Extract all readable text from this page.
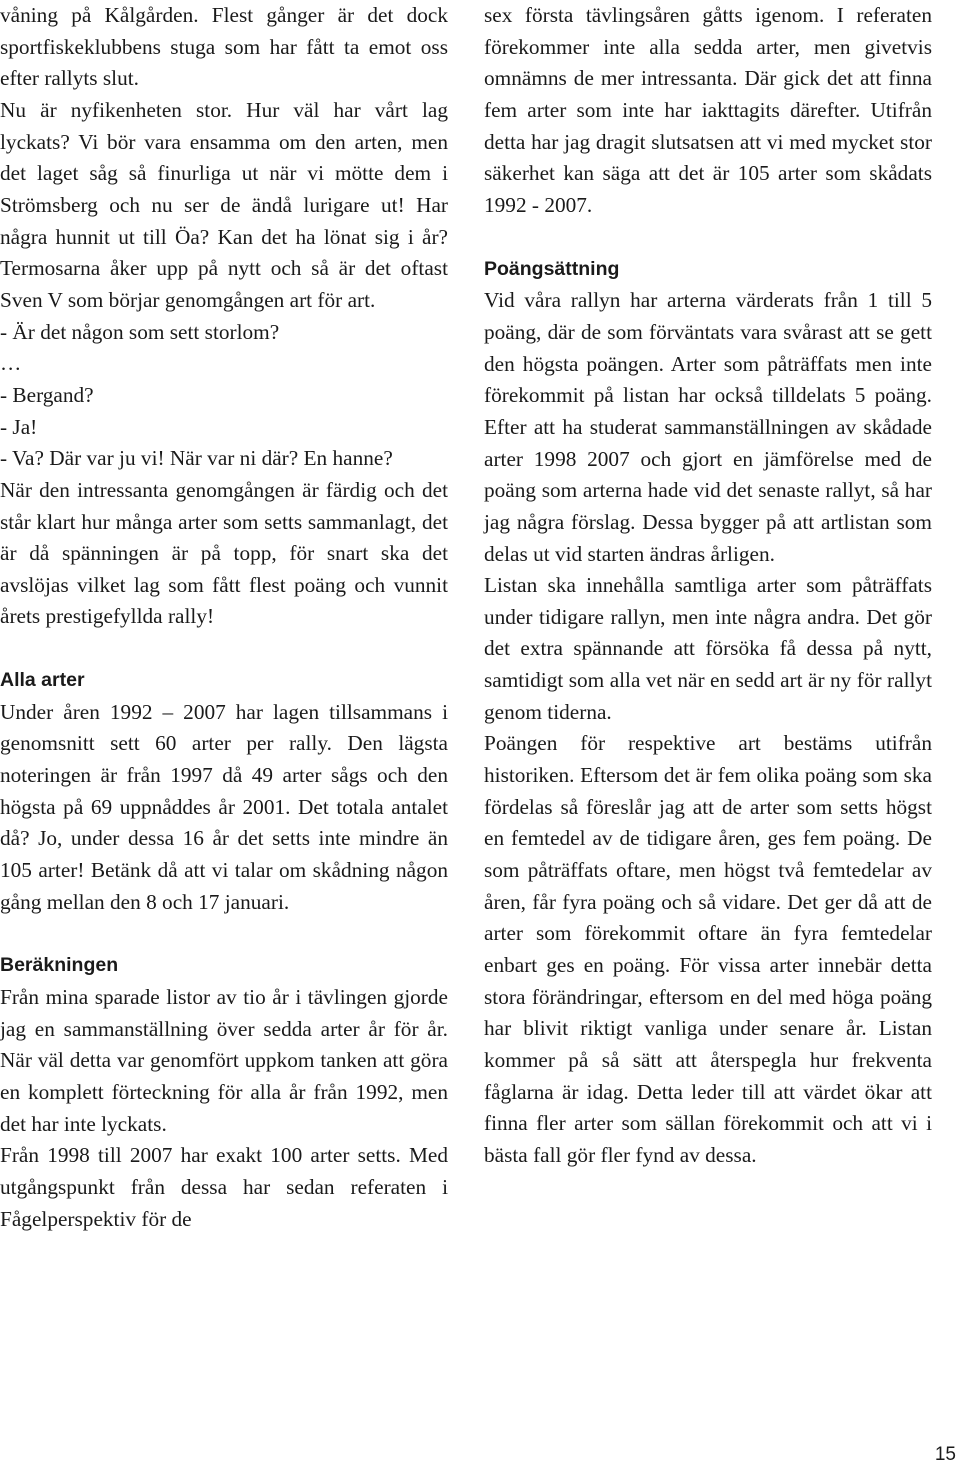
våning på Kålgården. Flest gånger är det dock sportfiskeklubbens stuga som har fått ta emot oss efter rallyts slut.

Nu är nyfikenheten stor. Hur väl har vårt lag lyckats? Vi bör vara ensamma om den arten, men det laget såg så finurliga ut när vi mötte dem i Strömsberg och nu ser de ändå lurigare ut! Har några hunnit ut till Öa? Kan det ha lönat sig i år? Termosarna åker upp på nytt och så är det oftast Sven V som börjar genomgången art för art.

- Är det någon som sett storlom?

…

- Bergand?

- Ja!

- Va? Där var ju vi! När var ni där? En hanne?

När den intressanta genomgången är färdig och det står klart hur många arter som setts sammanlagt, det är då spänningen är på topp, för snart ska det avslöjas vilket lag som fått flest poäng och vunnit årets prestigefyllda rally!

Alla arter

Under åren 1992 – 2007 har lagen tillsammans i genomsnitt sett 60 arter per rally. Den lägsta noteringen är från 1997 då 49 arter sågs och den högsta på 69 uppnåddes år 2001. Det totala antalet då? Jo, under dessa 16 år det setts inte mindre än 105 arter! Betänk då att vi talar om skådning någon gång mellan den 8 och 17 januari.

Beräkningen

Från mina sparade listor av tio år i tävlingen gjorde jag en sammanställning över sedda arter år för år. När väl detta var genomfört uppkom tanken att göra en komplett förteckning för alla år från 1992, men det har inte lyckats.

Från 1998 till 2007 har exakt 100 arter setts. Med utgångspunkt från dessa har sedan referaten i Fågelperspektiv för de

sex första tävlingsåren gåtts igenom. I referaten förekommer inte alla sedda arter, men givetvis omnämns de mer intressanta. Där gick det att finna fem arter som inte har iakttagits därefter. Utifrån detta har jag dragit slutsatsen att vi med mycket stor säkerhet kan säga att det är 105 arter som skådats 1992 - 2007.

Poängsättning

Vid våra rallyn har arterna värderats från 1 till 5 poäng, där de som förväntats vara svårast att se gett den högsta poängen. Arter som påträffats men inte förekommit på listan har också tilldelats 5 poäng. Efter att ha studerat sammanställningen av skådade arter 1998 2007 och gjort en jämförelse med de poäng som arterna hade vid det senaste rallyt, så har jag några förslag. Dessa bygger på att artlistan som delas ut vid starten ändras årligen.

Listan ska innehålla samtliga arter som påträffats under tidigare rallyn, men inte några andra. Det gör det extra spännande att försöka få dessa på nytt, samtidigt som alla vet när en sedd art är ny för rallyt genom tiderna.

Poängen för respektive art bestäms utifrån historiken. Eftersom det är fem olika poäng som ska fördelas så föreslår jag att de arter som setts högst en femtedel av de tidigare åren, ges fem poäng. De som påträffats oftare, men högst två femtedelar av åren, får fyra poäng och så vidare. Det ger då att de arter som förekommit oftare än fyra femtedelar enbart ges en poäng. För vissa arter innebär detta stora förändringar, eftersom en del med höga poäng har blivit riktigt vanliga under senare år. Listan kommer på så sätt att återspegla hur frekventa fåglarna är idag. Detta leder till att värdet ökar att finna fler arter som sällan förekommit och att vi i bästa fall gör fler fynd av dessa.

15
